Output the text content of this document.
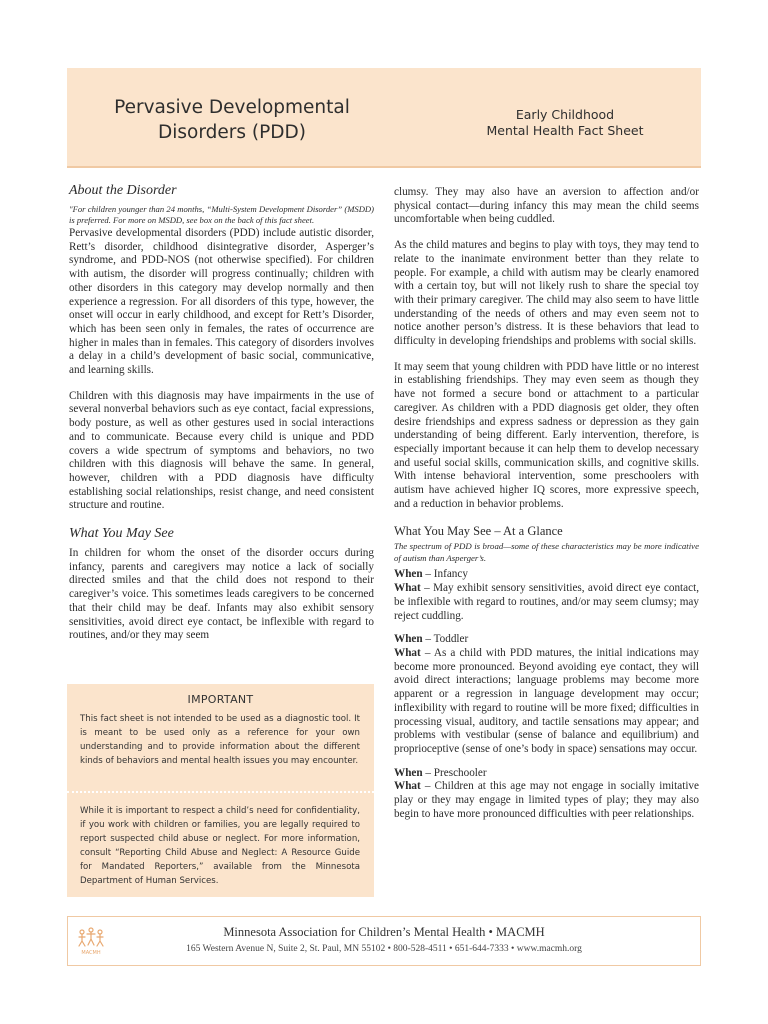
Pervasive Developmental
Disorders (PDD)
Early Childhood
Mental Health Fact Sheet
About the Disorder
"For children younger than 24 months, “Multi-System Development Disorder” (MSDD) is preferred. For more on MSDD, see box on the back of this fact sheet.

Pervasive developmental disorders (PDD) include autistic disorder, Rett’s disorder, childhood disintegrative disorder, Asperger’s syndrome, and PDD-NOS (not otherwise specified). For children with autism, the disorder will progress continually; children with other disorders in this category may develop normally and then experience a regression. For all disorders of this type, however, the onset will occur in early childhood, and except for Rett’s Disorder, which has been seen only in females, the rates of occurrence are higher in males than in females. This category of disorders involves a delay in a child’s development of basic social, communicative, and learning skills.

Children with this diagnosis may have impairments in the use of several nonverbal behaviors such as eye contact, facial expressions, body posture, as well as other gestures used in social interactions and to communicate. Because every child is unique and PDD covers a wide spectrum of symptoms and behaviors, no two children with this diagnosis will behave the same. In general, however, children with a PDD diagnosis have difficulty establishing social relationships, resist change, and need consistent structure and routine.

What You May See

In children for whom the onset of the disorder occurs during infancy, parents and caregivers may notice a lack of socially directed smiles and that the child does not respond to their caregiver’s voice. This sometimes leads caregivers to be concerned that their child may be deaf. Infants may also exhibit sensory sensitivities, avoid direct eye contact, be inflexible with regard to routines, and/or they may seem

IMPORTANT
This fact sheet is not intended to be used as a diagnostic tool. It is meant to be used only as a reference for your own understanding and to provide information about the different kinds of behaviors and mental health issues you may encounter.
While it is important to respect a child’s need for confidentiality, if you work with children or families, you are legally required to report suspected child abuse or neglect. For more information, consult “Reporting Child Abuse and Neglect: A Resource Guide for Mandated Reporters,” available from the Minnesota Department of Human Services.

clumsy. They may also have an aversion to affection and/or physical contact—during infancy this may mean the child seems uncomfortable when being cuddled.

As the child matures and begins to play with toys, they may tend to relate to the inanimate environment better than they relate to people. For example, a child with autism may be clearly enamored with a certain toy, but will not likely rush to share the special toy with their primary caregiver. The child may also seem to have little understanding of the needs of others and may even seem not to notice another person’s distress. It is these behaviors that lead to difficulty in developing friendships and problems with social skills.

It may seem that young children with PDD have little or no interest in establishing friendships. They may even seem as though they have not formed a secure bond or attachment to a particular caregiver. As children with a PDD diagnosis get older, they often desire friendships and express sadness or depression as they gain understanding of being different. Early intervention, therefore, is especially important because it can help them to develop necessary and useful social skills, communication skills, and cognitive skills. With intense behavioral intervention, some preschoolers with autism have achieved higher IQ scores, more expressive speech, and a reduction in behavior problems.

What You May See – At a Glance
The spectrum of PDD is broad—some of these characteristics may be more indicative of autism than Asperger’s.
When – Infancy
What – May exhibit sensory sensitivities, avoid direct eye contact, be inflexible with regard to routines, and/or may seem clumsy; may reject cuddling.
When – Toddler
What – As a child with PDD matures, the initial indications may become more pronounced. Beyond avoiding eye contact, they will avoid direct interactions; language problems may become more apparent or a regression in language development may occur; inflexibility with regard to routine will be more fixed; difficulties in processing visual, auditory, and tactile sensations may appear; and problems with vestibular (sense of balance and equilibrium) and proprioceptive (sense of one’s body in space) sensations may occur.
When – Preschooler
What – Children at this age may not engage in socially imitative play or they may engage in limited types of play; they may also begin to have more pronounced difficulties with peer relationships.
MACMH
Minnesota Association for Children’s Mental Health • MACMH
165 Western Avenue N, Suite 2, St. Paul, MN 55102 • 800-528-4511 • 651-644-7333 • www.macmh.org
